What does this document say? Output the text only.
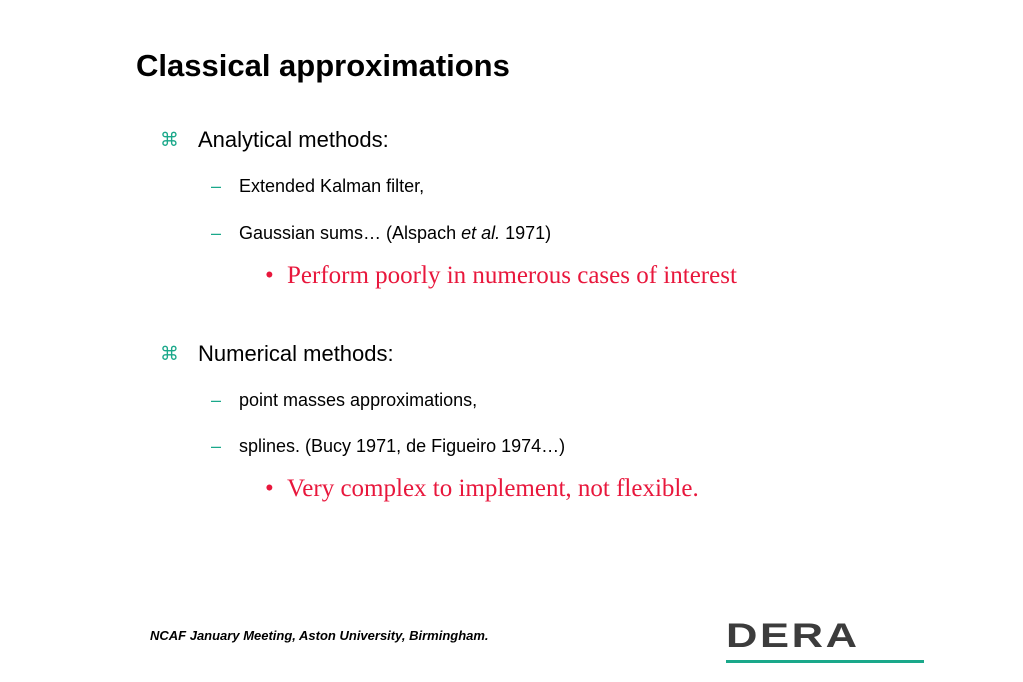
Classical approximations
⌘ Analytical methods:
– Extended Kalman filter,
– Gaussian sums… (Alspach et al. 1971)
• Perform poorly in numerous cases of interest
⌘ Numerical methods:
– point masses approximations,
– splines. (Bucy 1971, de Figueiro 1974…)
• Very complex to implement, not flexible.
NCAF January Meeting, Aston University, Birmingham.	DERA
